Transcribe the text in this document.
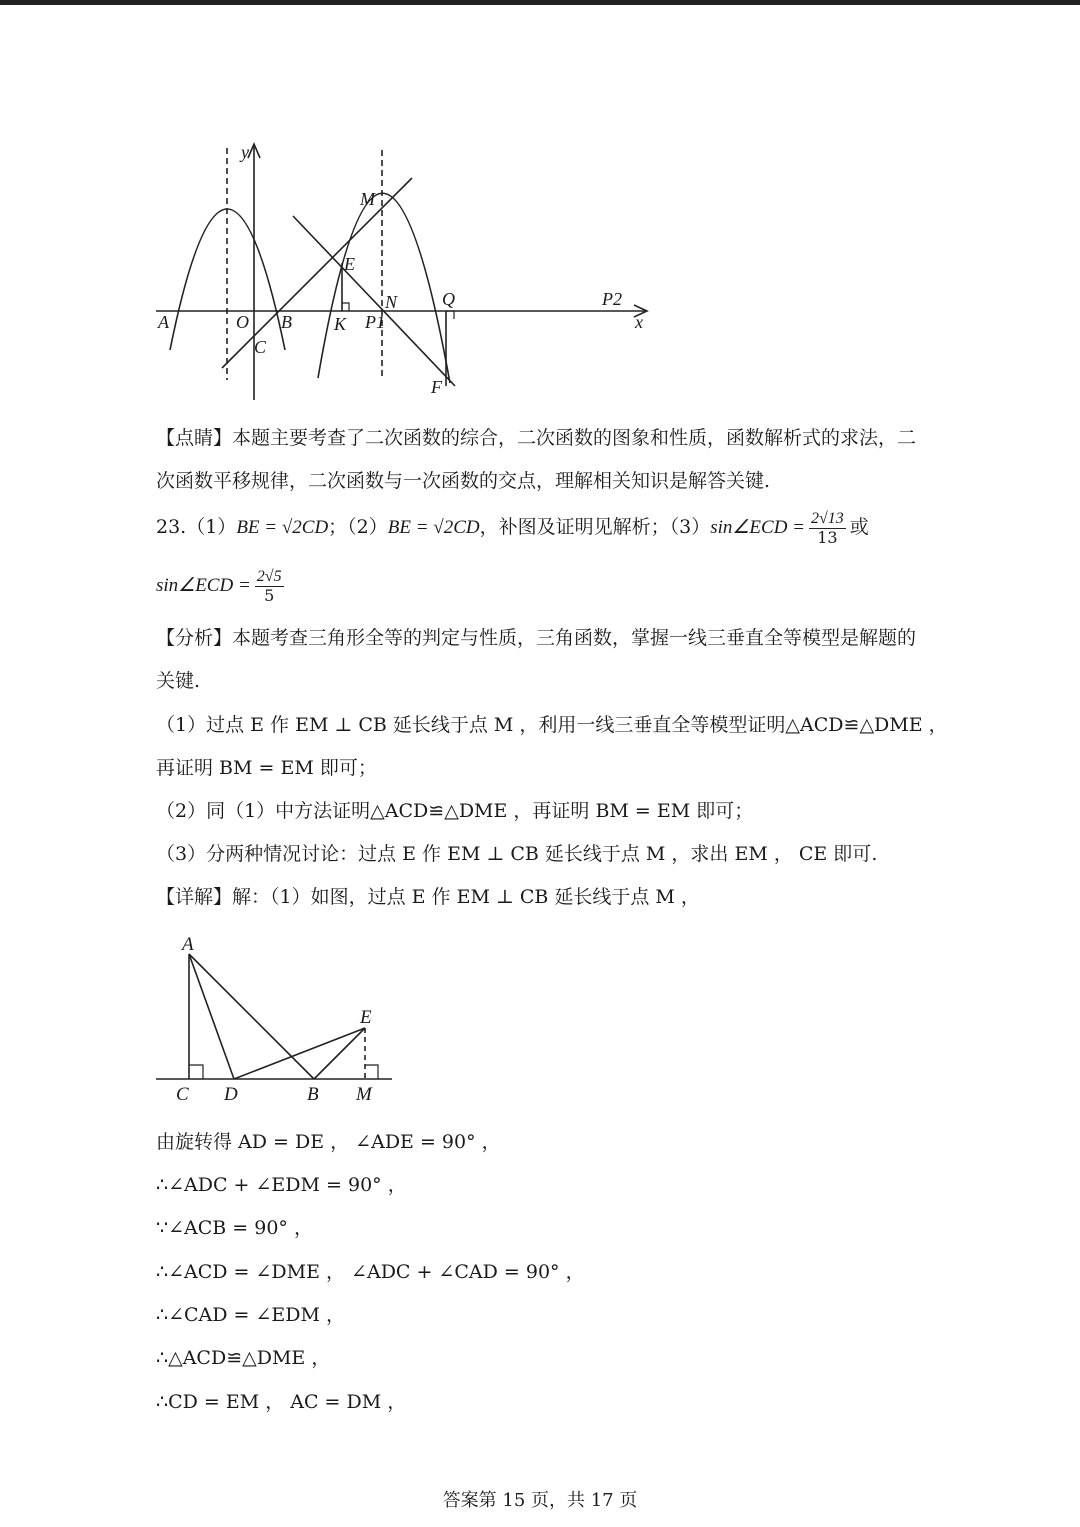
y
x
M
E
N Q	P2
A	O B K P1
C
F
【点睛】本题主要考查了二次函数的综合，二次函数的图象和性质，函数解析式的求法，二
次函数平移规律，二次函数与一次函数的交点，理解相关知识是解答关键.
23.（1）BE = √2CD；（2）BE = √2CD，补图及证明见解析；（3）sin∠ECD = $\frac{2√13}{13}$ 或
sin∠ECD = $\frac{2√5}{5}$
【分析】本题考查三角形全等的判定与性质，三角函数，掌握一线三垂直全等模型是解题的
关键.
（1）过点 E 作 EM ⊥ CB 延长线于点 M ，利用一线三垂直全等模型证明△ACD≌△DME ，
再证明 BM = EM 即可；
（2）同（1）中方法证明△ACD≌△DME ，再证明 BM = EM 即可；
（3）分两种情况讨论：过点 E 作 EM ⊥ CB 延长线于点 M ，求出 EM ， CE 即可.
【详解】解：（1）如图，过点 E 作 EM ⊥ CB 延长线于点 M ，
A
E
C D	B M
由旋转得 AD = DE ， ∠ADE = 90° ，
∴∠ADC + ∠EDM = 90° ，
∵∠ACB = 90° ，
∴∠ACD = ∠DME ， ∠ADC + ∠CAD = 90° ，
∴∠CAD = ∠EDM ，
∴△ACD≌△DME ，
∴CD = EM ， AC = DM ，
答案第 15 页，共 17 页
